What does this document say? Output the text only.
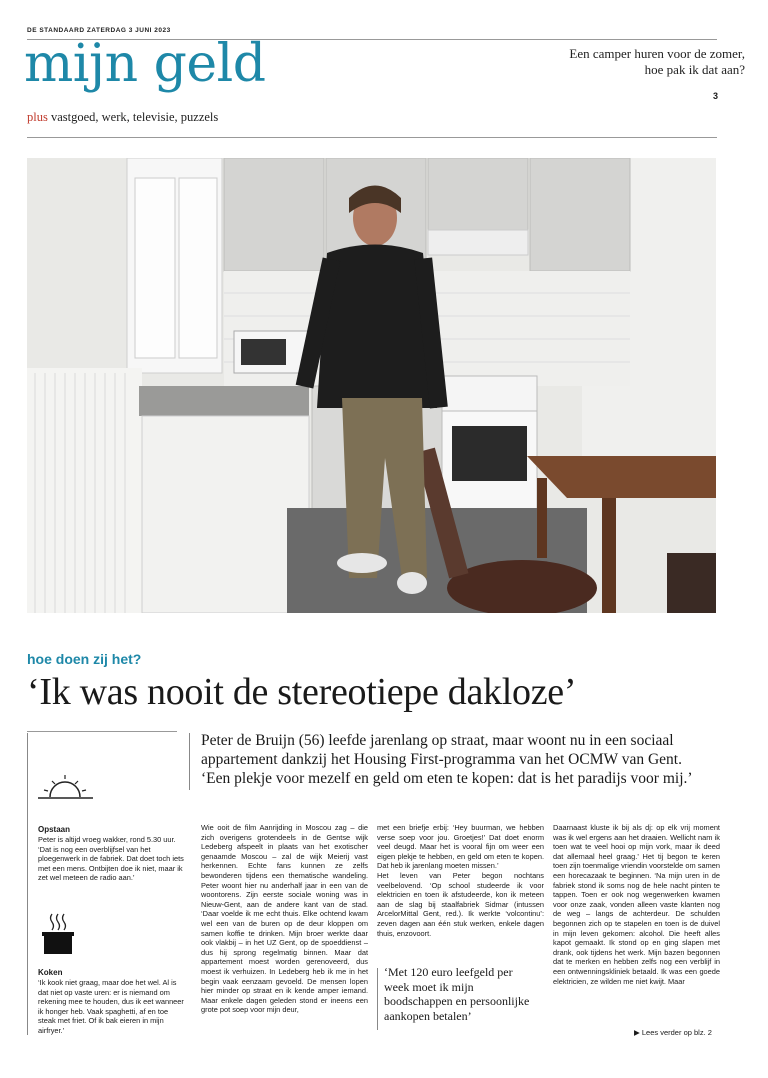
DE STANDAARD ZATERDAG 3 JUNI 2023
mijn geld
plus vastgoed, werk, televisie, puzzels
Een camper huren voor de zomer, hoe pak ik dat aan?
3
hoe doen zij het?
‘Ik was nooit de stereotiepe dakloze’
Peter de Bruijn (56) leefde jarenlang op straat, maar woont nu in een sociaal appartement dankzij het Housing First-programma van het OCMW van Gent. ‘Een plekje voor mezelf en geld om eten te kopen: dat is het paradijs voor mij.’
Opstaan
Peter is altijd vroeg wakker, rond 5.30 uur. ‘Dat is nog een overblijfsel van het ploegenwerk in de fabriek. Dat doet toch iets met een mens. Ontbijten doe ik niet, maar ik zet wel meteen de radio aan.’
Koken
‘Ik kook niet graag, maar doe het wel. Al is dat niet op vaste uren: er is niemand om rekening mee te houden, dus ik eet wanneer ik honger heb. Vaak spaghetti, af en toe steak met friet. Of ik bak eieren in mijn airfryer.’
Wie ooit de film Aanrijding in Moscou zag – die zich overigens grotendeels in de Gentse wijk Ledeberg afspeelt in plaats van het exotischer genaamde Moscou – zal de wijk Meierij vast herkennen. Echte fans kunnen ze zelfs bewonderen tijdens een thematische wandeling. Peter woont hier nu anderhalf jaar in een van de woontorens. Zijn eerste sociale woning was in Nieuw-Gent, aan de andere kant van de stad. ‘Daar voelde ik me echt thuis. Elke ochtend kwam wel een van de buren op de deur kloppen om samen koffie te drinken. Mijn broer werkte daar ook vlakbij – in het UZ Gent, op de spoeddienst – dus hij sprong regelmatig binnen. Maar dat appartement moest worden gerenoveerd, dus moest ik verhuizen. In Ledeberg heb ik me in het begin vaak eenzaam gevoeld. De mensen lopen hier minder op straat en ik kende amper iemand. Maar enkele dagen geleden stond er ineens een grote pot soep voor mijn deur,
met een briefje erbij: ‘Hey buurman, we hebben verse soep voor jou. Groetjes!’ Dat doet enorm veel deugd. Maar het is vooral fijn om weer een eigen plekje te hebben, en geld om eten te kopen. Dat heb ik jarenlang moeten missen.’
Het leven van Peter begon nochtans veelbelovend. ‘Op school studeerde ik voor elektricien en toen ik afstudeerde, kon ik meteen aan de slag bij staalfabriek Sidmar (intussen ArcelorMittal Gent, red.). Ik werkte ‘volcontinu’: zeven dagen aan één stuk werken, enkele dagen thuis, enzovoort.
Daarnaast kluste ik bij als dj: op elk vrij moment was ik wel ergens aan het draaien. Wellicht nam ik toen wat te veel hooi op mijn vork, maar ik deed dat allemaal heel graag.’ Het tij begon te keren toen zijn toenmalige vriendin voorstelde om samen een horecazaak te beginnen. ‘Na mijn uren in de fabriek stond ik soms nog de hele nacht pinten te tappen. Toen er ook nog wegenwerken kwamen voor onze zaak, vonden alleen vaste klanten nog de weg – langs de achterdeur. De schulden begonnen zich op te stapelen en toen is de duivel in mijn leven gekomen: alcohol. Die heeft alles kapot gemaakt. Ik stond op en ging slapen met drank, ook tijdens het werk. Mijn bazen begonnen dat te merken en hebben zelfs nog een verblijf in een ontwenningskliniek betaald. Ik was een goede elektricien, ze wilden me niet kwijt. Maar
‘Met 120 euro leefgeld per week moet ik mijn boodschappen en persoonlijke aankopen betalen’
▶ Lees verder op blz. 2
